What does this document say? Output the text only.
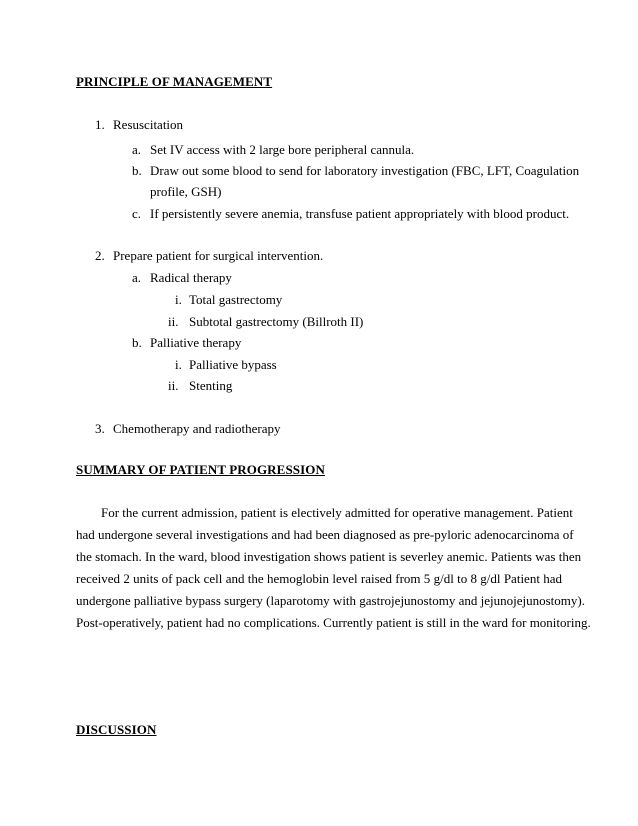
PRINCIPLE OF MANAGEMENT
1. Resuscitation
a. Set IV access with 2 large bore peripheral cannula.
b. Draw out some blood to send for laboratory investigation (FBC, LFT, Coagulation
profile, GSH)
c. If persistently severe anemia, transfuse patient appropriately with blood product.
2. Prepare patient for surgical intervention.
a. Radical therapy
i. Total gastrectomy
ii. Subtotal gastrectomy (Billroth II)
b. Palliative therapy
i. Palliative bypass
ii. Stenting
3. Chemotherapy and radiotherapy
SUMMARY OF PATIENT PROGRESSION
For the current admission, patient is electively admitted for operative management. Patient
had undergone several investigations and had been diagnosed as pre-pyloric adenocarcinoma of
the stomach. In the ward, blood investigation shows patient is severley anemic. Patients was then
received 2 units of pack cell and the hemoglobin level raised from 5 g/dl to 8 g/dl Patient had
undergone palliative bypass surgery (laparotomy with gastrojejunostomy and jejunojejunostomy).
Post-operatively, patient had no complications. Currently patient is still in the ward for monitoring.
DISCUSSION
